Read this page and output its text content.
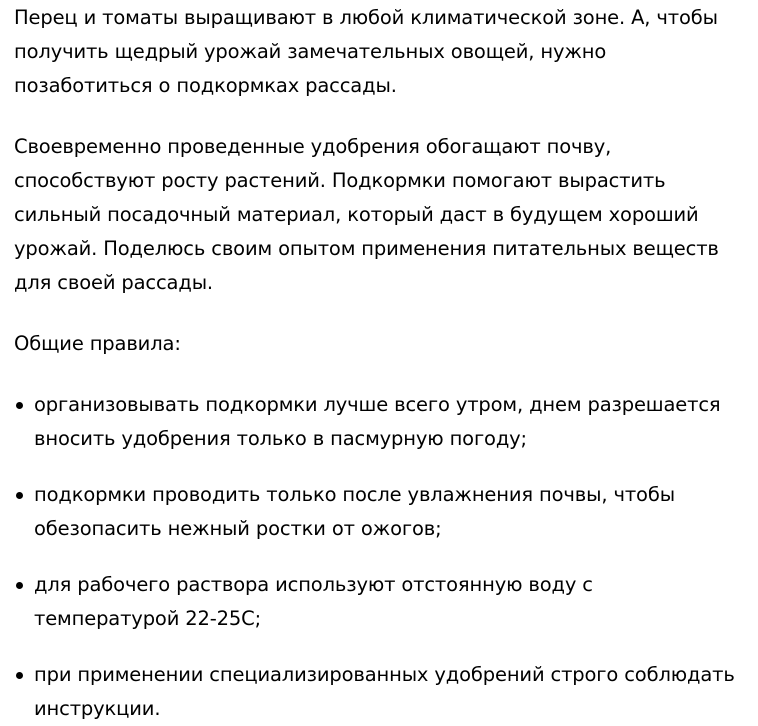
Перец и томаты выращивают в любой климатической зоне. А, чтобы получить щедрый урожай замечательных овощей, нужно позаботиться о подкормках рассады.

Своевременно проведенные удобрения обогащают почву, способствуют росту растений. Подкормки помогают вырастить сильный посадочный материал, который даст в будущем хороший урожай. Поделюсь своим опытом применения питательных веществ для своей рассады.

Общие правила:

организовывать подкормки лучше всего утром, днем разрешается вносить удобрения только в пасмурную погоду;
подкормки проводить только после увлажнения почвы, чтобы обезопасить нежный ростки от ожогов;
для рабочего раствора используют отстоянную воду с температурой 22-25С;
при применении специализированных удобрений строго соблюдать инструкции.
